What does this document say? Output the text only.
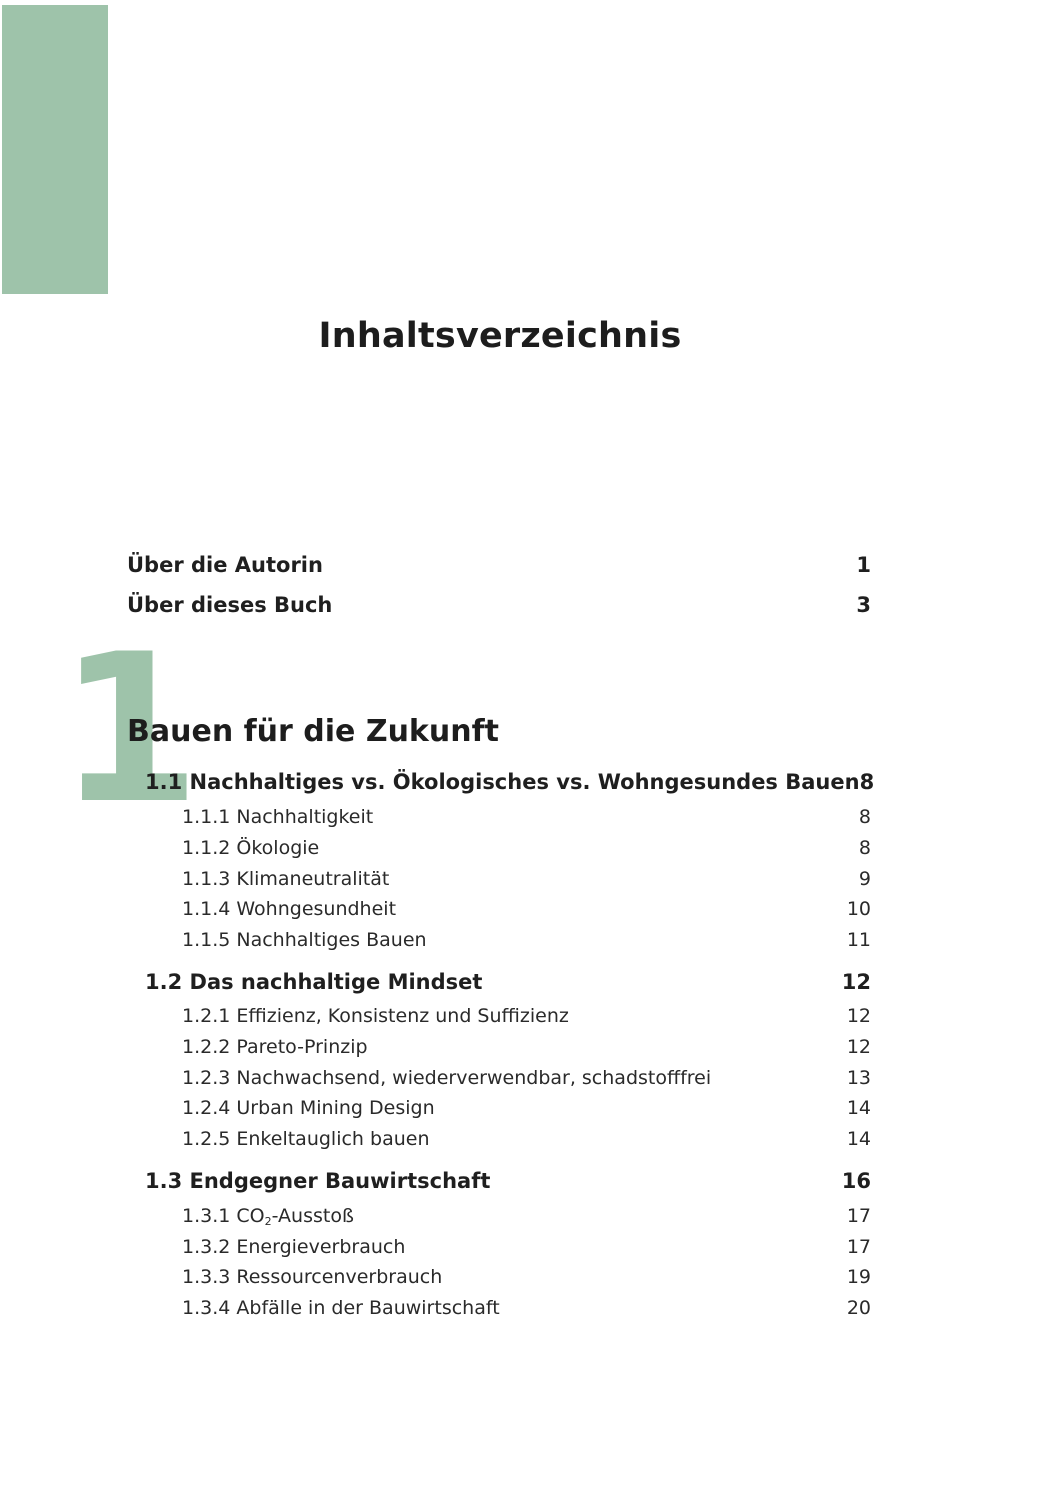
Inhaltsverzeichnis
Über die Autorin	1
Über dieses Buch	3
1
Bauen für die Zukunft
1.1 Nachhaltiges vs. Ökologisches vs. Wohngesundes Bauen 8
1.1.1 Nachhaltigkeit	8
1.1.2 Ökologie	8
1.1.3 Klimaneutralität	9
1.1.4 Wohngesundheit	10
1.1.5 Nachhaltiges Bauen	11
1.2 Das nachhaltige Mindset	12
1.2.1 Effizienz, Konsistenz und Suffizienz	12
1.2.2 Pareto-Prinzip	12
1.2.3 Nachwachsend, wiederverwendbar, schadstofffrei	13
1.2.4 Urban Mining Design	14
1.2.5 Enkeltauglich bauen	14
1.3 Endgegner Bauwirtschaft	16
1.3.1 CO2-Ausstoß	17
1.3.2 Energieverbrauch	17
1.3.3 Ressourcenverbrauch	19
1.3.4 Abfälle in der Bauwirtschaft	20
